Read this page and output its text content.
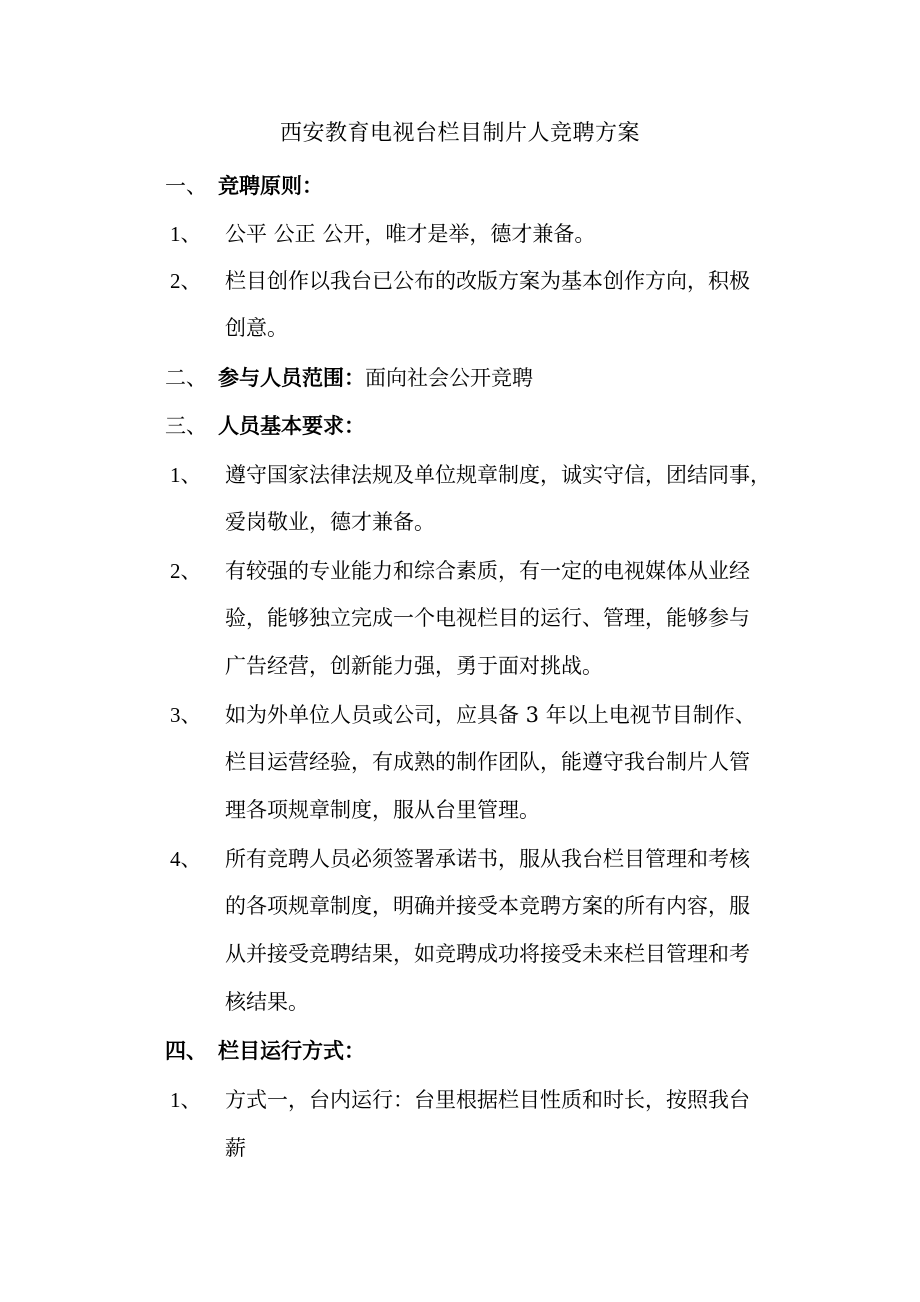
西安教育电视台栏目制片人竞聘方案
一、 竞聘原则：
1、 公平 公正 公开，唯才是举，德才兼备。
2、 栏目创作以我台已公布的改版方案为基本创作方向，积极
创意。
二、 参与人员范围：面向社会公开竞聘
三、 人员基本要求：
1、 遵守国家法律法规及单位规章制度，诚实守信，团结同事，
爱岗敬业，德才兼备。
2、 有较强的专业能力和综合素质，有一定的电视媒体从业经
验，能够独立完成一个电视栏目的运行、管理，能够参与
广告经营，创新能力强，勇于面对挑战。
3、 如为外单位人员或公司，应具备 3 年以上电视节目制作、
栏目运营经验，有成熟的制作团队，能遵守我台制片人管
理各项规章制度，服从台里管理。
4、 所有竞聘人员必须签署承诺书，服从我台栏目管理和考核
的各项规章制度，明确并接受本竞聘方案的所有内容，服
从并接受竞聘结果，如竞聘成功将接受未来栏目管理和考
核结果。
四、 栏目运行方式：
1、 方式一，台内运行：台里根据栏目性质和时长，按照我台
薪
